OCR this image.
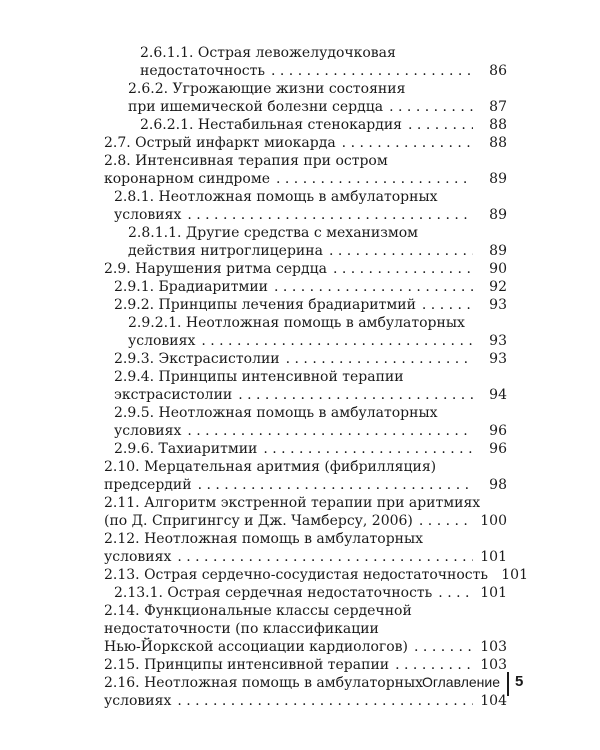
2.6.1.1. Острая левожелудочковая
недостаточность . . .	86
2.6.2. Угрожающие жизни состояния
при ишемической болезни сердца . . .	87
2.6.2.1. Нестабильная стенокардия . . .	88
2.7. Острый инфаркт миокарда . . .	88
2.8. Интенсивная терапия при остром
коронарном синдроме . . .	89
2.8.1. Неотложная помощь в амбулаторных
условиях . . .	89
2.8.1.1. Другие средства с механизмом
действия нитроглицерина . . .	89
2.9. Нарушения ритма сердца . . .	90
2.9.1. Брадиаритмии . . .	92
2.9.2. Принципы лечения брадиаритмий . . .	93
2.9.2.1. Неотложная помощь в амбулаторных
условиях . . .	93
2.9.3. Экстрасистолии . . .	93
2.9.4. Принципы интенсивной терапии
экстрасистолии . . .	94
2.9.5. Неотложная помощь в амбулаторных
условиях . . .	96
2.9.6. Тахиаритмии . . .	96
2.10. Мерцательная аритмия (фибрилляция)
предсердий . . .	98
2.11. Алгоритм экстренной терапии при аритмиях
(по Д. Спригингсу и Дж. Чамберсу, 2006) . . .	100
2.12. Неотложная помощь в амбулаторных
условиях . . .	101
2.13. Острая сердечно-сосудистая недостаточность . . . 101
2.13.1. Острая сердечная недостаточность . . .	101
2.14. Функциональные классы сердечной
недостаточности (по классификации
Нью-Йоркской ассоциации кардиологов) . . .	103
2.15. Принципы интенсивной терапии . . .	103
2.16. Неотложная помощь в амбулаторных
условиях . . .	104
Оглавление 5
